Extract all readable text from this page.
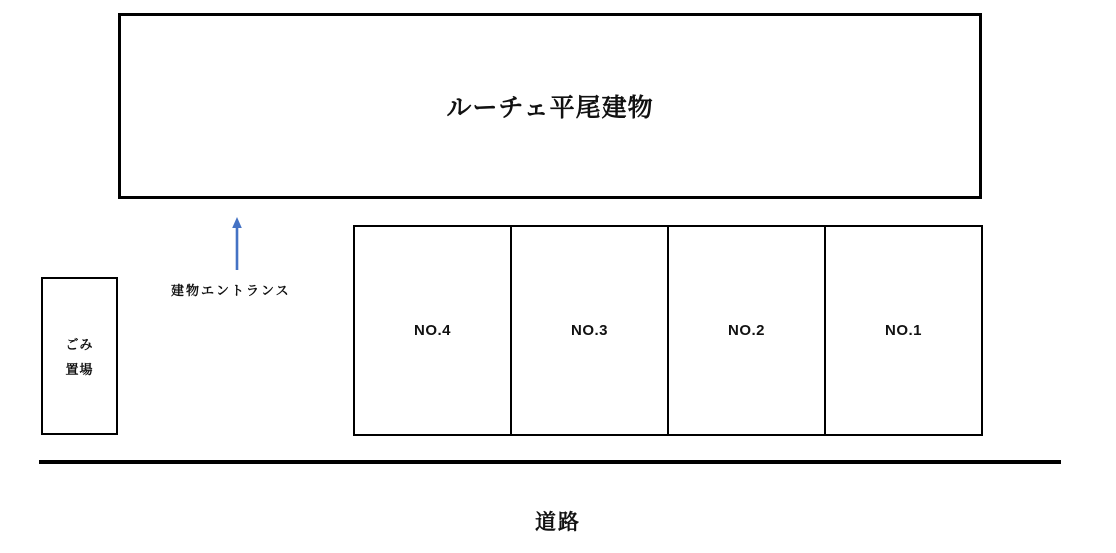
ルーチェ平尾建物
建物エントランス
ごみ
置場
NO.4	NO.3	NO.2	NO.1
道路
